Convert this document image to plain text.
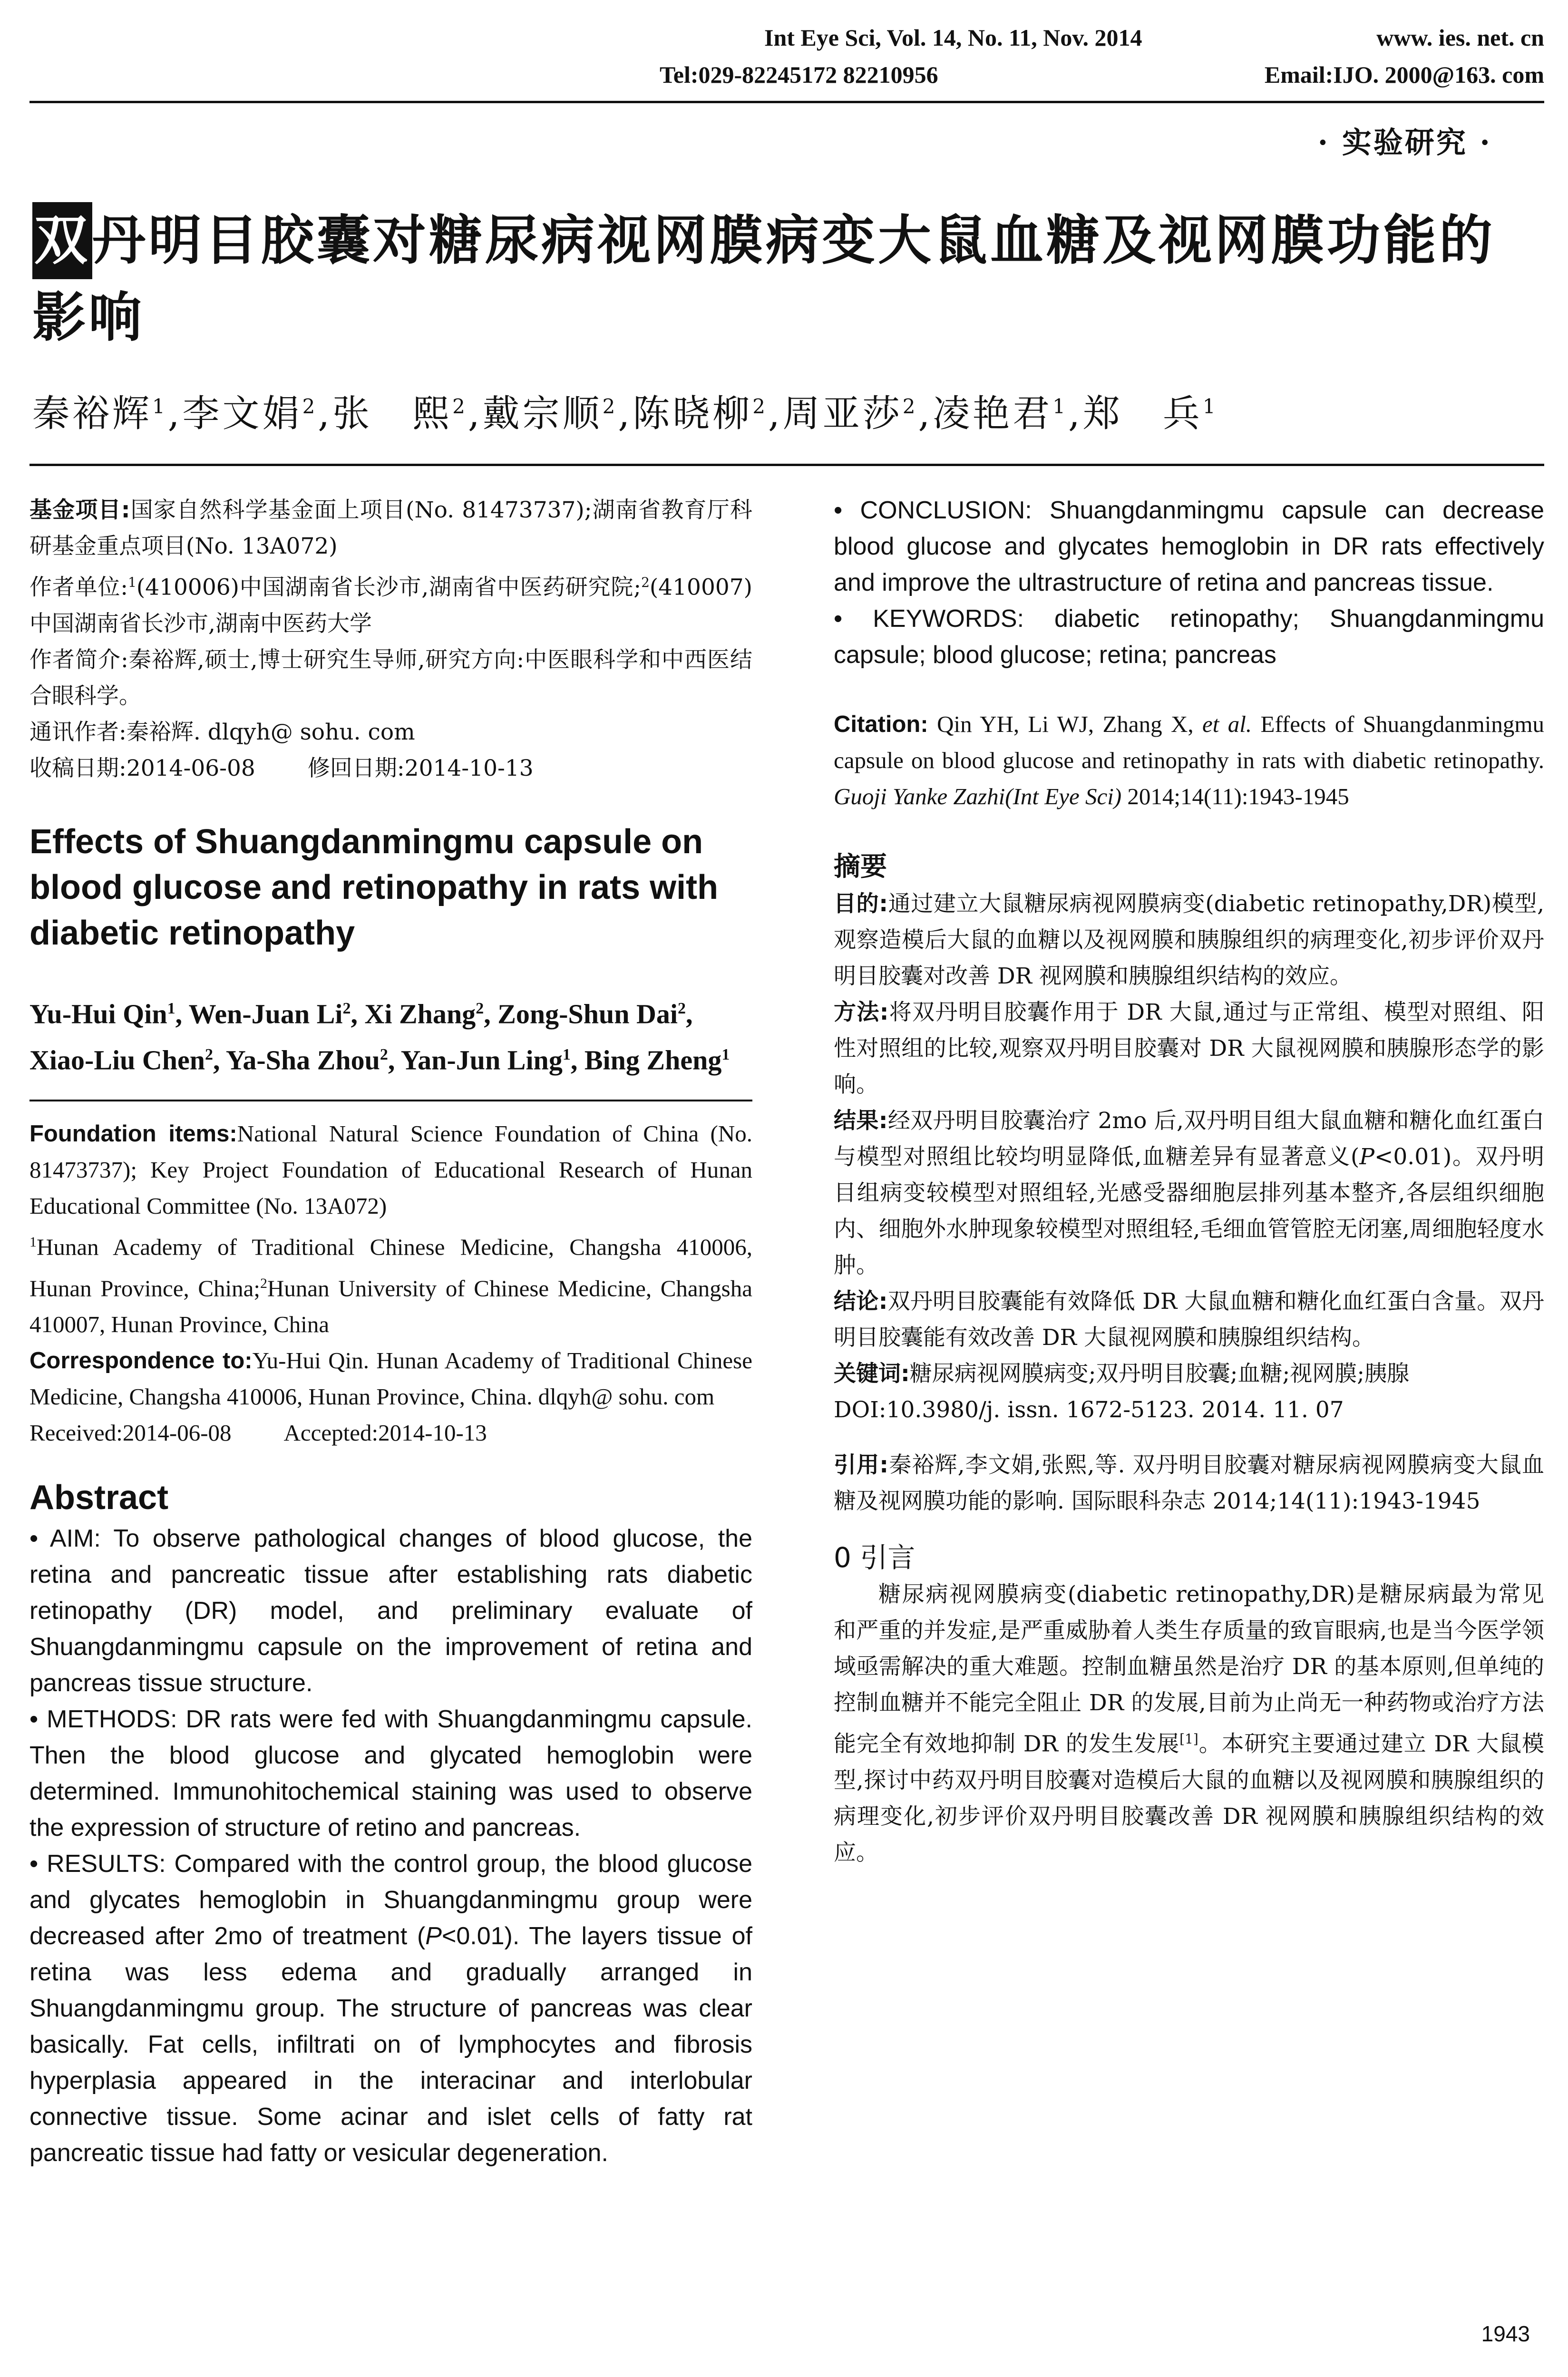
Int Eye Sci, Vol. 14, No. 11, Nov. 2014	www. ies. net. cn
Tel:029-82245172 82210956	Email:IJO. 2000@163. com
· 实验研究 ·
双丹明目胶囊对糖尿病视网膜病变大鼠血糖及视网膜功能的影响
秦裕辉$^1$,李文娟$^2$,张　熙$^2$,戴宗顺$^2$,陈晓柳$^2$,周亚莎$^2$,凌艳君$^1$,郑　兵$^1$

基金项目:国家自然科学基金面上项目(No. 81473737);湖南省教育厅科研基金重点项目(No. 13A072)

作者单位:$^1$(410006)中国湖南省长沙市,湖南省中医药研究院;$^2$(410007)中国湖南省长沙市,湖南中医药大学

作者简介:秦裕辉,硕士,博士研究生导师,研究方向:中医眼科学和中西医结合眼科学。

通讯作者:秦裕辉. dlqyh@ sohu. com

收稿日期:2014-06-08 修回日期:2014-10-13

Effects of Shuangdanmingmu capsule on blood glucose and retinopathy in rats with diabetic retinopathy
Yu-Hui Qin$^1$, Wen-Juan Li$^2$, Xi Zhang$^2$, Zong-Shun Dai$^2$, Xiao-Liu Chen$^2$, Ya-Sha Zhou$^2$, Yan-Jun Ling$^1$, Bing Zheng$^1$

Foundation items:National Natural Science Foundation of China (No. 81473737); Key Project Foundation of Educational Research of Hunan Educational Committee (No. 13A072)

$^1$Hunan Academy of Traditional Chinese Medicine, Changsha 410006, Hunan Province, China;$^2$Hunan University of Chinese Medicine, Changsha 410007, Hunan Province, China

Correspondence to:Yu-Hui Qin. Hunan Academy of Traditional Chinese Medicine, Changsha 410006, Hunan Province, China. dlqyh@ sohu. com

Received:2014-06-08 Accepted:2014-10-13

Abstract

• AIM: To observe pathological changes of blood glucose, the retina and pancreatic tissue after establishing rats diabetic retinopathy (DR) model, and preliminary evaluate of Shuangdanmingmu capsule on the improvement of retina and pancreas tissue structure.

• METHODS: DR rats were fed with Shuangdanmingmu capsule. Then the blood glucose and glycated hemoglobin were determined. Immunohitochemical staining was used to observe the expression of structure of retino and pancreas.

• RESULTS: Compared with the control group, the blood glucose and glycates hemoglobin in Shuangdanmingmu group were decreased after 2mo of treatment (P<0.01). The layers tissue of retina was less edema and gradually arranged in Shuangdanmingmu group. The structure of pancreas was clear basically. Fat cells, infiltrati on of lymphocytes and fibrosis hyperplasia appeared in the interacinar and interlobular connective tissue. Some acinar and islet cells of fatty rat pancreatic tissue had fatty or vesicular degeneration.

• CONCLUSION: Shuangdanmingmu capsule can decrease blood glucose and glycates hemoglobin in DR rats effectively and improve the ultrastructure of retina and pancreas tissue.

• KEYWORDS: diabetic retinopathy; Shuangdanmingmu capsule; blood glucose; retina; pancreas

Citation: Qin YH, Li WJ, Zhang X, et al. Effects of Shuangdanmingmu capsule on blood glucose and retinopathy in rats with diabetic retinopathy. Guoji Yanke Zazhi(Int Eye Sci) 2014;14(11):1943-1945

摘要

目的:通过建立大鼠糖尿病视网膜病变(diabetic retinopathy,DR)模型,观察造模后大鼠的血糖以及视网膜和胰腺组织的病理变化,初步评价双丹明目胶囊对改善 DR 视网膜和胰腺组织结构的效应。

方法:将双丹明目胶囊作用于 DR 大鼠,通过与正常组、模型对照组、阳性对照组的比较,观察双丹明目胶囊对 DR 大鼠视网膜和胰腺形态学的影响。

结果:经双丹明目胶囊治疗 2mo 后,双丹明目组大鼠血糖和糖化血红蛋白与模型对照组比较均明显降低,血糖差异有显著意义(P<0.01)。双丹明目组病变较模型对照组轻,光感受器细胞层排列基本整齐,各层组织细胞内、细胞外水肿现象较模型对照组轻,毛细血管管腔无闭塞,周细胞轻度水肿。

结论:双丹明目胶囊能有效降低 DR 大鼠血糖和糖化血红蛋白含量。双丹明目胶囊能有效改善 DR 大鼠视网膜和胰腺组织结构。

关键词:糖尿病视网膜病变;双丹明目胶囊;血糖;视网膜;胰腺

DOI:10.3980/j. issn. 1672-5123. 2014. 11. 07

引用:秦裕辉,李文娟,张熙,等. 双丹明目胶囊对糖尿病视网膜病变大鼠血糖及视网膜功能的影响. 国际眼科杂志 2014;14(11):1943-1945

0 引言

糖尿病视网膜病变(diabetic retinopathy,DR)是糖尿病最为常见和严重的并发症,是严重威胁着人类生存质量的致盲眼病,也是当今医学领域亟需解决的重大难题。控制血糖虽然是治疗 DR 的基本原则,但单纯的控制血糖并不能完全阻止 DR 的发展,目前为止尚无一种药物或治疗方法能完全有效地抑制 DR 的发生发展[1]。本研究主要通过建立 DR 大鼠模型,探讨中药双丹明目胶囊对造模后大鼠的血糖以及视网膜和胰腺组织的病理变化,初步评价双丹明目胶囊改善 DR 视网膜和胰腺组织结构的效应。

1943
